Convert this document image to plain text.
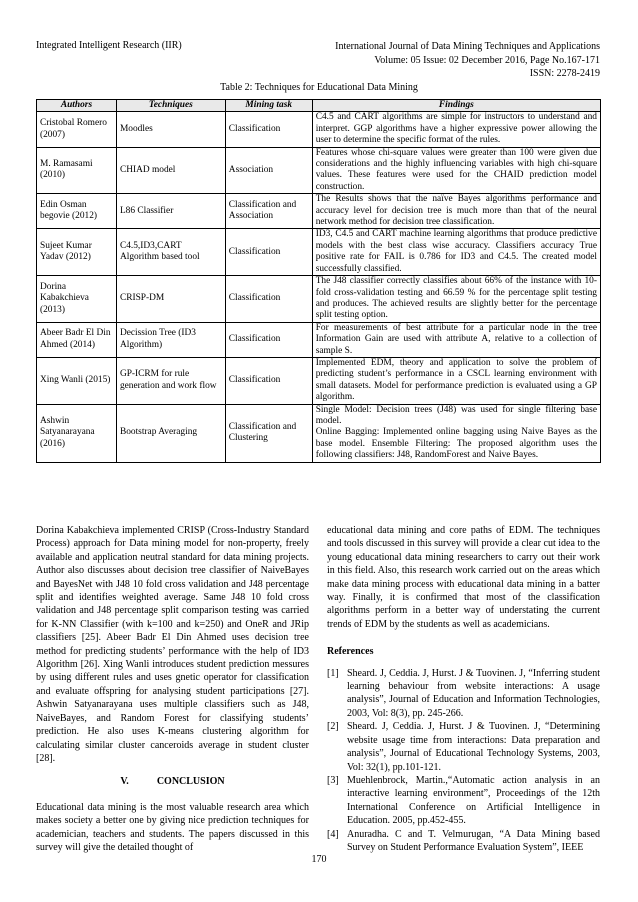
Integrated Intelligent Research (IIR)	International Journal of Data Mining Techniques and Applications
Volume: 05 Issue: 02 December 2016, Page No.167-171
ISSN: 2278-2419
Table 2: Techniques for Educational Data Mining
Authors	Techniques	Mining task	Findings
Cristobal Romero (2007)	Moodles	Classification	C4.5 and CART algorithms are simple for instructors to understand and interpret. GGP algorithms have a higher expressive power allowing the user to determine the specific format of the rules.
M. Ramasami (2010)	CHIAD model	Association	Features whose chi-square values were greater than 100 were given due considerations and the highly influencing variables with high chi-square values. These features were used for the CHAID prediction model construction.
Edin Osman begovie (2012)	L86 Classifier	Classification and Association	The Results shows that the naïve Bayes algorithms performance and accuracy level for decision tree is much more than that of the neural network method for decision tree classification.
Sujeet Kumar Yadav (2012)	C4.5,ID3,CART Algorithm based tool	Classification	ID3, C4.5 and CART machine learning algorithms that produce predictive models with the best class wise accuracy. Classifiers accuracy True positive rate for FAIL is 0.786 for ID3 and C4.5. The created model successfully classified.
Dorina Kabakchieva (2013)	CRISP-DM	Classification	The J48 classifier correctly classifies about 66% of the instance with 10-fold cross-validation testing and 66.59 % for the percentage split testing and produces. The achieved results are slightly better for the percentage split testing option.
Abeer Badr El Din Ahmed (2014)	Decission Tree (ID3 Algorithm)	Classification	For measurements of best attribute for a particular node in the tree Information Gain are used with attribute A, relative to a collection of sample S.
Xing Wanli (2015)	GP-ICRM for rule generation and work flow	Classification	Implemented EDM, theory and application to solve the problem of predicting student’s performance in a CSCL learning environment with small datasets. Model for performance prediction is evaluated using a GP algorithm.
Ashwin Satyanarayana (2016)	Bootstrap Averaging	Classification and Clustering	Single Model: Decision trees (J48) was used for single filtering base model.
Online Bagging: Implemented online bagging using Naive Bayes as the base model. Ensemble Filtering: The proposed algorithm uses the following classifiers: J48, RandomForest and Naive Bayes.

Dorina Kabakchieva implemented CRISP (Cross-Industry Standard Process) approach for Data mining model for non-property, freely available and application neutral standard for data mining projects. Author also discusses about decision tree classifier of NaiveBayes and BayesNet with J48 10 fold cross validation and J48 percentage split and identifies weighted average. Same J48 10 fold cross validation and J48 percentage split comparison testing was carried for K-NN Classifier (with k=100 and k=250) and OneR and JRip classifiers [25]. Abeer Badr El Din Ahmed uses decision tree method for predicting students’ performance with the help of ID3 Algorithm [26]. Xing Wanli introduces student prediction messures by using different rules and uses gnetic operator for classification and evaluate offspring for analysing student participations [27]. Ashwin Satyanarayana uses multiple classifiers such as J48, NaiveBayes, and Random Forest for classifying students’ prediction. He also uses K-means clustering algorithm for calculating similar cluster canceroids average in student cluster [28].

V.	CONCLUSION

Educational data mining is the most valuable research area which makes society a better one by giving nice prediction techniques for academician, teachers and students. The papers discussed in this survey will give the detailed thought of

educational data mining and core paths of EDM. The techniques and tools discussed in this survey will provide a clear cut idea to the young educational data mining researchers to carry out their work in this field. Also, this research work carried out on the areas which make data mining process with educational data mining in a batter way. Finally, it is confirmed that most of the classification algorithms perform in a better way of understating the current trends of EDM by the students as well as academicians.

References
[1] Sheard. J, Ceddia. J, Hurst. J & Tuovinen. J, “Inferring student learning behaviour from website interactions: A usage analysis”, Journal of Education and Information Technologies, 2003, Vol: 8(3), pp. 245-266.
[2] Sheard. J, Ceddia. J, Hurst. J & Tuovinen. J, “Determining website usage time from interactions: Data preparation and analysis”, Journal of Educational Technology Systems, 2003, Vol: 32(1), pp.101-121.
[3] Muehlenbrock, Martin.,“Automatic action analysis in an interactive learning environment”, Proceedings of the 12th International Conference on Artificial Intelligence in Education. 2005, pp.452-455.
[4] Anuradha. C and T. Velmurugan, “A Data Mining based Survey on Student Performance Evaluation System”, IEEE
170
